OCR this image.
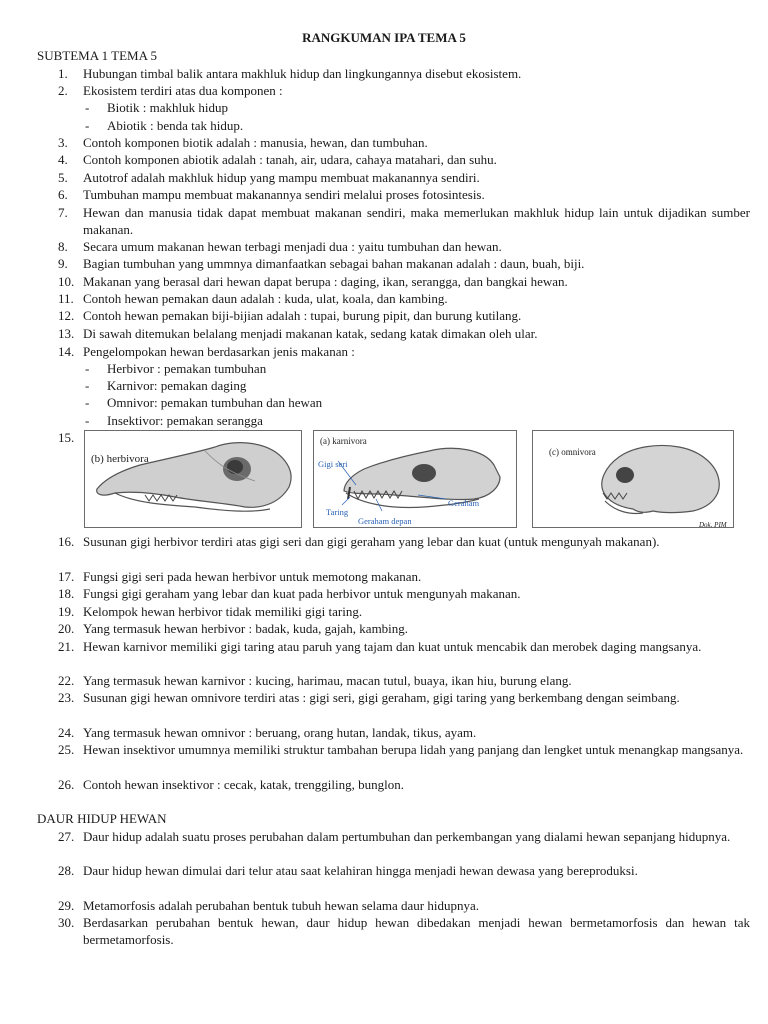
RANGKUMAN IPA TEMA 5
SUBTEMA 1 TEMA 5
1.	Hubungan timbal balik antara makhluk hidup dan lingkungannya disebut ekosistem.
2.	Ekosistem terdiri atas dua komponen :
- Biotik : makhluk hidup
- Abiotik : benda tak hidup.
3.	Contoh komponen biotik adalah : manusia, hewan, dan tumbuhan.
4.	Contoh komponen abiotik adalah : tanah, air, udara, cahaya matahari, dan suhu.
5.	Autotrof adalah makhluk hidup yang mampu membuat makanannya sendiri.
6.	Tumbuhan mampu membuat makanannya sendiri melalui proses fotosintesis.
7.	Hewan dan manusia tidak dapat membuat makanan sendiri, maka memerlukan makhluk hidup lain untuk dijadikan sumber makanan.
8.	Secara umum makanan hewan terbagi menjadi dua : yaitu tumbuhan dan hewan.
9.	Bagian tumbuhan yang ummnya dimanfaatkan sebagai bahan makanan adalah : daun, buah, biji.
10. Makanan yang berasal dari hewan dapat berupa : daging, ikan, serangga, dan bangkai hewan.
11. Contoh hewan pemakan daun adalah : kuda, ulat, koala, dan kambing.
12. Contoh hewan pemakan biji-bijian adalah : tupai, burung pipit, dan burung kutilang.
13. Di sawah ditemukan belalang menjadi makanan katak, sedang katak dimakan oleh ular.
14. Pengelompokan hewan berdasarkan jenis makanan :
- Herbivor : pemakan tumbuhan
- Karnivor: pemakan daging
- Omnivor: pemakan tumbuhan dan hewan
- Insektivor: pemakan serangga
15.
(b) herbivora
(a) karnivora
Gigi seri
Geraham
Taring
Geraham depan
(c) omnivora
Dok. PIM
16. Susunan gigi herbivor terdiri atas gigi seri dan gigi geraham yang lebar dan kuat (untuk mengunyah makanan).
17. Fungsi gigi seri pada hewan herbivor untuk memotong makanan.
18. Fungsi gigi geraham yang lebar dan kuat pada herbivor untuk mengunyah makanan.
19. Kelompok hewan herbivor tidak memiliki gigi taring.
20. Yang termasuk hewan herbivor : badak, kuda, gajah, kambing.
21. Hewan karnivor memiliki gigi taring atau paruh yang tajam dan kuat untuk mencabik dan merobek daging mangsanya.
22. Yang termasuk hewan karnivor : kucing, harimau, macan tutul, buaya, ikan hiu, burung elang.
23. Susunan gigi hewan omnivore terdiri atas : gigi seri, gigi geraham, gigi taring yang berkembang dengan seimbang.
24. Yang termasuk hewan omnivor : beruang, orang hutan, landak, tikus, ayam.
25. Hewan insektivor umumnya memiliki struktur tambahan berupa lidah yang panjang dan lengket untuk menangkap mangsanya.
26. Contoh hewan insektivor : cecak, katak, trenggiling, bunglon.
DAUR HIDUP HEWAN
27. Daur hidup adalah suatu proses perubahan dalam pertumbuhan dan perkembangan yang dialami hewan sepanjang hidupnya.
28. Daur hidup hewan dimulai dari telur atau saat kelahiran hingga menjadi hewan dewasa yang bereproduksi.
29. Metamorfosis adalah perubahan bentuk tubuh hewan selama daur hidupnya.
30. Berdasarkan perubahan bentuk hewan, daur hidup hewan dibedakan menjadi hewan bermetamorfosis dan hewan tak bermetamorfosis.
